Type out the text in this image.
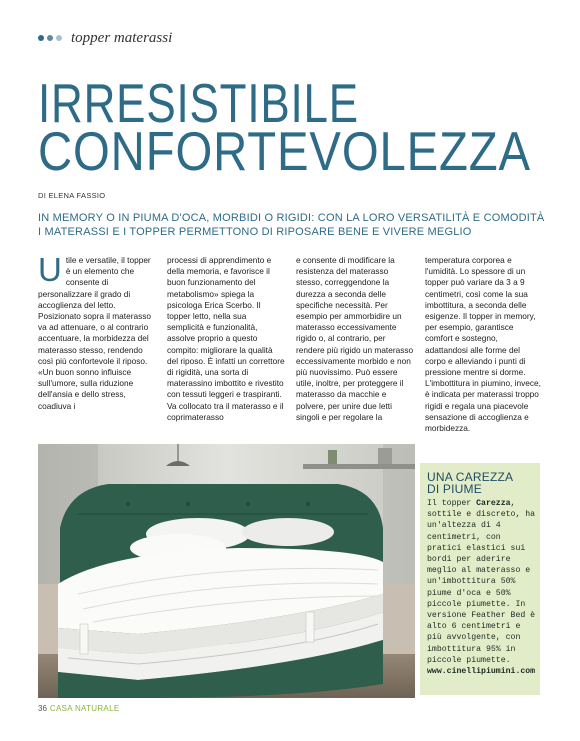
topper materassi
IRRESISTIBILE
CONFORTEVOLEZZA
DI ELENA FASSIO
IN MEMORY O IN PIUMA D'OCA, MORBIDI O RIGIDI: CON LA LORO VERSATILITÀ E COMODITÀ I MATERASSI E I TOPPER PERMETTONO DI RIPOSARE BENE E VIVERE MEGLIO
U tile e versatile, il topper è un elemento che consente di personalizzare il grado di accoglienza del letto. Posizionato sopra il materasso va ad attenuare, o al contrario accentuare, la morbidezza del materasso stesso, rendendo così più confortevole il riposo. «Un buon sonno influisce sull'umore, sulla riduzione dell'ansia e dello stress, coadiuva i

processi di apprendimento e della memoria, e favorisce il buon funzionamento del metabolismo» spiega la psicologa Erica Scerbo. Il topper letto, nella sua semplicità e funzionalità, assolve proprio a questo compito: migliorare la qualità del riposo. È infatti un correttore di rigidità, una sorta di materassino imbottito e rivestito con tessuti leggeri e traspiranti. Va collocato tra il materasso e il coprimaterasso

e consente di modificare la resistenza del materasso stesso, correggendone la durezza a seconda delle specifiche necessità. Per esempio per ammorbidire un materasso eccessivamente rigido o, al contrario, per rendere più rigido un materasso eccessivamente morbido e non più nuovissimo. Può essere utile, inoltre, per proteggere il materasso da macchie e polvere, per unire due letti singoli e per regolare la

temperatura corporea e l'umidità. Lo spessore di un topper può variare da 3 a 9 centimetri, così come la sua imbottitura, a seconda delle esigenze. Il topper in memory, per esempio, garantisce comfort e sostegno, adattandosi alle forme del corpo e alleviando i punti di pressione mentre si dorme. L'imbottitura in piumino, invece, è indicata per materassi troppo rigidi e regala una piacevole sensazione di accoglienza e morbidezza.

UNA CAREZZA
DI PIUME
Il topper Carezza, sottile e discreto, ha un'altezza di 4 centimetri, con pratici elastici sui bordi per aderire meglio al materasso e un'imbottitura 50% piume d'oca e 50% piccole piumette. In versione Feather Bed è alto 6 centimetri e più avvolgente, con imbottitura 95% in piccole piumette.
www.cinellipiumini.com
36 CASA NATURALE
